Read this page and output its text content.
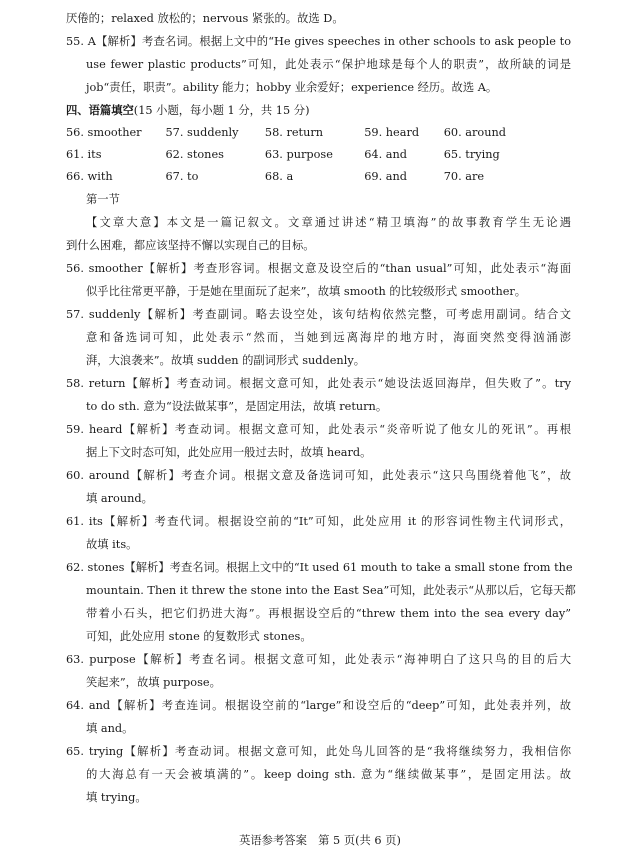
厌倦的；relaxed 放松的；nervous 紧张的。故选 D。
55. A【解析】考查名词。根据上文中的“He gives speeches in other schools to ask people to
use fewer plastic products”可知，此处表示“保护地球是每个人的职责”，故所缺的词是
job“责任，职责”。ability 能力；hobby 业余爱好；experience 经历。故选 A。
四、语篇填空(15 小题，每小题 1 分，共 15 分)
56. smoother	57. suddenly	58. return	59. heard	60. around
61. its	62. stones	63. purpose	64. and	65. trying
66. with	67. to	68. a	69. and	70. are
第一节
【文章大意】本文是一篇记叙文。文章通过讲述“精卫填海”的故事教育学生无论遇
到什么困难，都应该坚持不懈以实现自己的目标。
56. smoother【解析】考查形容词。根据文意及设空后的“than usual”可知，此处表示“海面
似乎比往常更平静，于是她在里面玩了起来”，故填 smooth 的比较级形式 smoother。
57. suddenly【解析】考查副词。略去设空处，该句结构依然完整，可考虑用副词。结合文
意和备选词可知，此处表示“然而，当她到远离海岸的地方时，海面突然变得汹涌澎
湃，大浪袭来”。故填 sudden 的副词形式 suddenly。
58. return【解析】考查动词。根据文意可知，此处表示“她设法返回海岸，但失败了”。try
to do sth. 意为“设法做某事”，是固定用法，故填 return。
59. heard【解析】考查动词。根据文意可知，此处表示“炎帝听说了他女儿的死讯”。再根
据上下文时态可知，此处应用一般过去时，故填 heard。
60. around【解析】考查介词。根据文意及备选词可知，此处表示“这只鸟围绕着他飞”，故
填 around。
61. its【解析】考查代词。根据设空前的“It”可知，此处应用 it 的形容词性物主代词形式，
故填 its。
62. stones【解析】考查名词。根据上文中的“It used 61 mouth to take a small stone from the
mountain. Then it threw the stone into the East Sea”可知，此处表示“从那以后，它每天都
带着小石头，把它们扔进大海”。再根据设空后的“threw them into the sea every day”
可知，此处应用 stone 的复数形式 stones。
63. purpose【解析】考查名词。根据文意可知，此处表示“海神明白了这只鸟的目的后大
笑起来”，故填 purpose。
64. and【解析】考查连词。根据设空前的“large”和设空后的“deep”可知，此处表并列，故
填 and。
65. trying【解析】考查动词。根据文意可知，此处鸟儿回答的是“我将继续努力，我相信你
的大海总有一天会被填满的”。keep doing sth. 意为“继续做某事”，是固定用法。故
填 trying。
英语参考答案　第 5 页(共 6 页)
